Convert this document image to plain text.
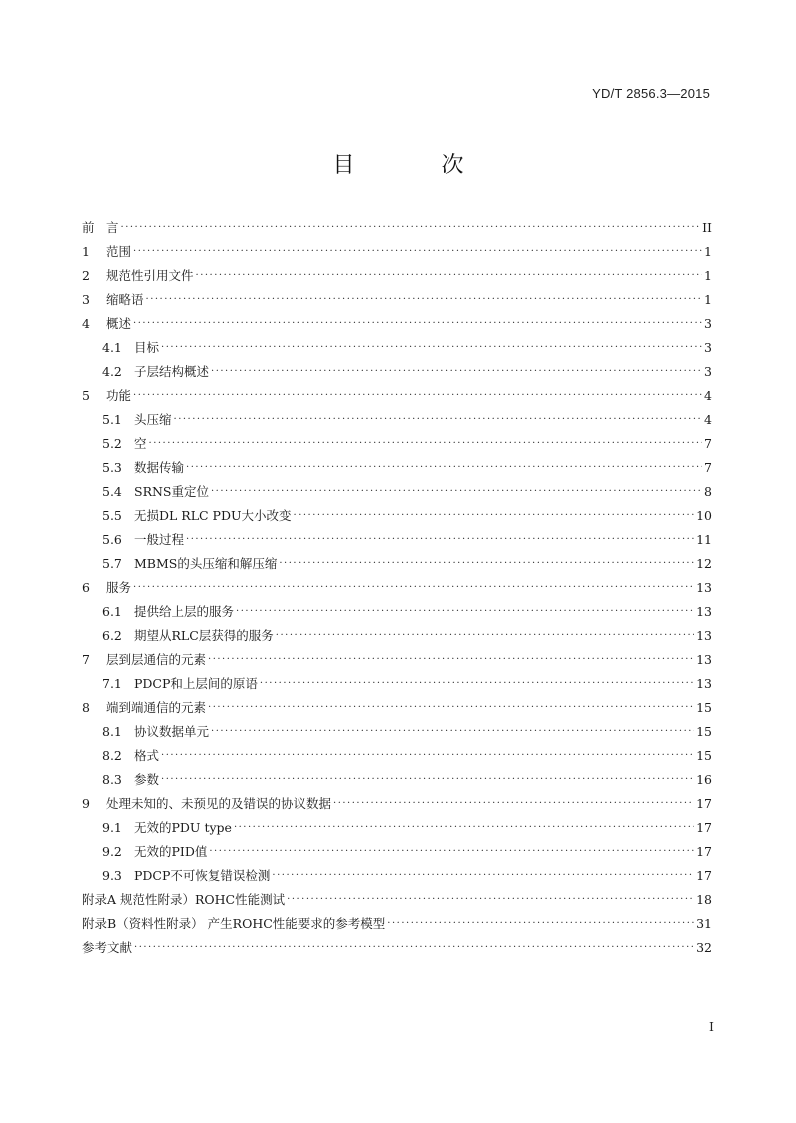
YD/T 2856.3—2015
目 次
前 言 ·····	II
1	范围 ·····	1
2	规范性引用文件 ·····	1
3	缩略语 ·····	1
4	概述 ·····	3
4.1 目标 ·····	3
4.2 子层结构概述 ·····	3
5	功能 ·····	4
5.1 头压缩 ·····	4
5.2 空 ·····	7
5.3 数据传输 ·····	7
5.4 SRNS重定位 ·····	8
5.5 无损DL RLC PDU大小改变 ·····	10
5.6 一般过程 ·····	11
5.7 MBMS的头压缩和解压缩 ·····	12
6	服务 ·····	13
6.1 提供给上层的服务 ·····	13
6.2 期望从RLC层获得的服务 ·····	13
7	层到层通信的元素 ·····	13
7.1 PDCP和上层间的原语 ·····	13
8	端到端通信的元素 ·····	15
8.1 协议数据单元 ·····	15
8.2 格式 ·····	15
8.3 参数 ·····	16
9	处理未知的、未预见的及错误的协议数据 ·····	17
9.1 无效的PDU type ·····	17
9.2 无效的PID值 ·····	17
9.3 PDCP不可恢复错误检测 ·····	17
附录A 规范性附录）ROHC性能测试 ·····	18
附录B（资料性附录） 产生ROHC性能要求的参考模型 ·····	31
参考文献 ·····	32
I
